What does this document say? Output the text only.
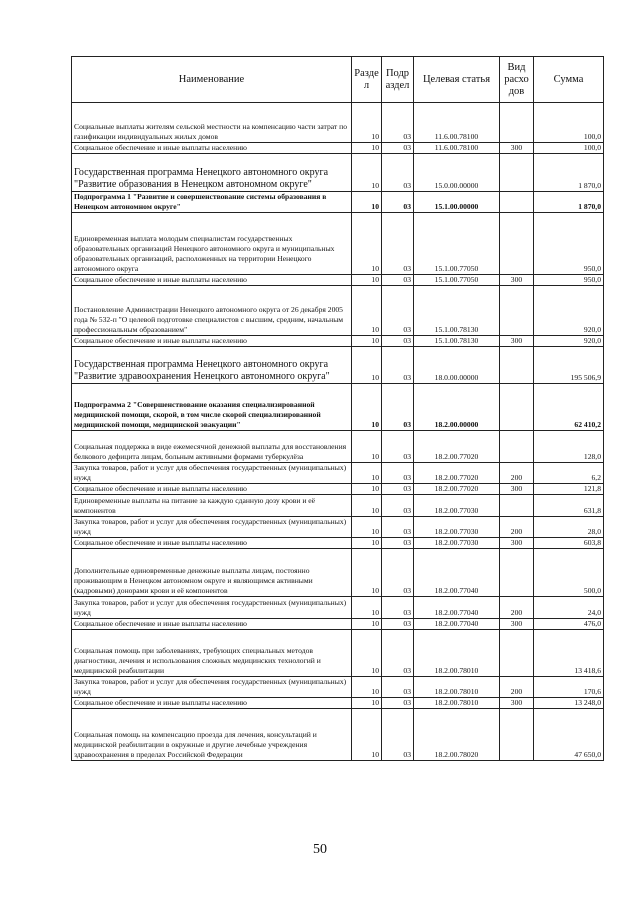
Наименование	Разде л	Подр аздел	Целевая статья	Вид расхо дов	Сумма
Социальные выплаты жителям сельской местности на компенсацию части затрат по газификации индивидуальных жилых домов	10	03	11.6.00.78100		100,0
Социальное обеспечение и иные выплаты населению	10	03	11.6.00.78100	300	100,0
Государственная программа Ненецкого автономного округа "Развитие образования в Ненецком автономном округе"	10	03	15.0.00.00000		1 870,0
Подпрограмма 1 "Развитие и совершенствование системы образования в Ненецком автономном округе"	10	03	15.1.00.00000		1 870,0
Единовременная выплата молодым специалистам государственных образовательных организаций Ненецкого автономного округа и муниципальных образовательных организаций, расположенных на территории Ненецкого автономного округа	10	03	15.1.00.77050		950,0
Социальное обеспечение и иные выплаты населению	10	03	15.1.00.77050	300	950,0
Постановление Администрации Ненецкого автономного округа от 26 декабря 2005 года № 532-п "О целевой подготовке специалистов с высшим, средним, начальным профессиональным образованием"	10	03	15.1.00.78130		920,0
Социальное обеспечение и иные выплаты населению	10	03	15.1.00.78130	300	920,0
Государственная программа Ненецкого автономного округа "Развитие здравоохранения Ненецкого автономного округа"	10	03	18.0.00.00000		195 506,9
Подпрограмма 2 "Совершенствование оказания специализированной медицинской помощи, скорой, в том числе скорой специализированной медицинской помощи, медицинской эвакуации"	10	03	18.2.00.00000		62 410,2
Социальная поддержка в виде ежемесячной денежной выплаты для восстановления белкового дефицита лицам, больным активными формами туберкулёза	10	03	18.2.00.77020		128,0
Закупка товаров, работ и услуг для обеспечения государственных (муниципальных) нужд	10	03	18.2.00.77020	200	6,2
Социальное обеспечение и иные выплаты населению	10	03	18.2.00.77020	300	121,8
Единовременные выплаты на питание за каждую сданную дозу крови и её компонентов	10	03	18.2.00.77030		631,8
Закупка товаров, работ и услуг для обеспечения государственных (муниципальных) нужд	10	03	18.2.00.77030	200	28,0
Социальное обеспечение и иные выплаты населению	10	03	18.2.00.77030	300	603,8
Дополнительные единовременные денежные выплаты лицам, постоянно проживающим в Ненецком автономном округе и являющимся активными (кадровыми) донорами крови и её компонентов	10	03	18.2.00.77040		500,0
Закупка товаров, работ и услуг для обеспечения государственных (муниципальных) нужд	10	03	18.2.00.77040	200	24,0
Социальное обеспечение и иные выплаты населению	10	03	18.2.00.77040	300	476,0
Социальная помощь при заболеваниях, требующих специальных методов диагностики, лечения и использования сложных медицинских технологий и медицинской реабилитации	10	03	18.2.00.78010		13 418,6
Закупка товаров, работ и услуг для обеспечения государственных (муниципальных) нужд	10	03	18.2.00.78010	200	170,6
Социальное обеспечение и иные выплаты населению	10	03	18.2.00.78010	300	13 248,0
Социальная помощь на компенсацию проезда для лечения, консультаций и медицинской реабилитации в окружные и другие лечебные учреждения здравоохранения в пределах Российской Федерации	10	03	18.2.00.78020		47 650,0
50
